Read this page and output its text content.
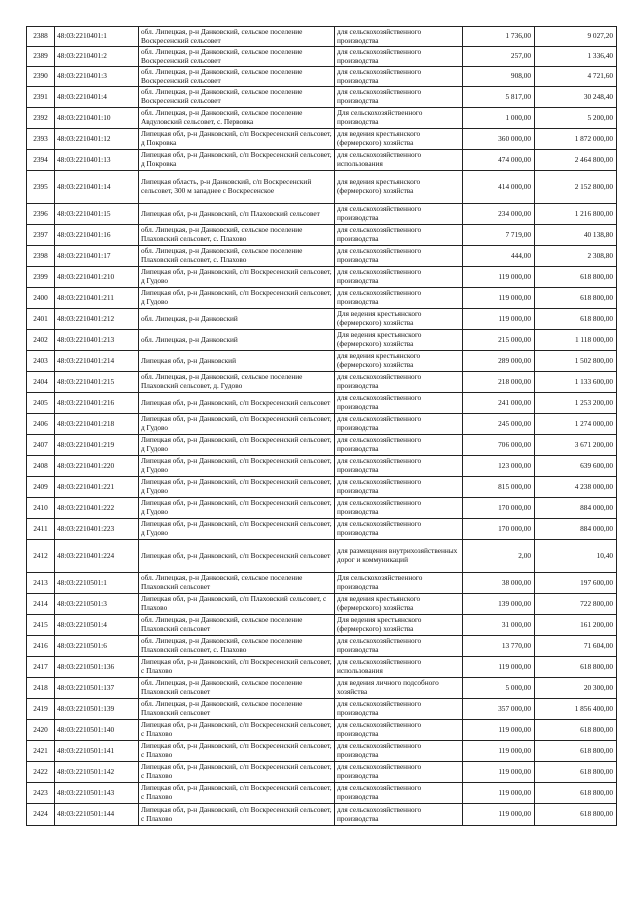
2388	48:03:2210401:1	обл. Липецкая, р-н Данковский, сельское поселение Воскресенский сельсовет	для сельскохозяйственного производства	1 736,00	9 027,20
2389	48:03:2210401:2	обл. Липецкая, р-н Данковский, сельское поселение Воскресенский сельсовет	для сельскохозяйственного производства	257,00	1 336,40
2390	48:03:2210401:3	обл. Липецкая, р-н Данковский, сельское поселение Воскресенский сельсовет	для сельскохозяйственного производства	908,00	4 721,60
2391	48:03:2210401:4	обл. Липецкая, р-н Данковский, сельское поселение Воскресенский сельсовет	для сельскохозяйственного производства	5 817,00	30 248,40
2392	48:03:2210401:10	обл. Липецкая, р-н Данковский, сельское поселение Авдуловский сельсовет, с. Первовка	Для сельскохозяйственного производства	1 000,00	5 200,00
2393	48:03:2210401:12	Липецкая обл, р-н Данковский, с/п Воскресенский сельсовет, д Покровка	для ведения крестьянского (фермерского) хозяйства	360 000,00	1 872 000,00
2394	48:03:2210401:13	Липецкая обл, р-н Данковский, с/п Воскресенский сельсовет, д Покровка	для сельскохозяйственного использования	474 000,00	2 464 800,00
2395	48:03:2210401:14	Липецкая область, р-н Данковский, с/п Воскресенский сельсовет, 300 м западнее с Воскресенское	для ведения крестьянского (фермерского) хозяйства	414 000,00	2 152 800,00
2396	48:03:2210401:15	Липецкая обл, р-н Данковский, с/п Плаховский сельсовет	для сельскохозяйственного производства	234 000,00	1 216 800,00
2397	48:03:2210401:16	обл. Липецкая, р-н Данковский, сельское поселение Плаховский сельсовет, с. Плахово	для сельскохозяйственного производства	7 719,00	40 138,80
2398	48:03:2210401:17	обл. Липецкая, р-н Данковский, сельское поселение Плаховский сельсовет, с. Плахово	для сельскохозяйственного производства	444,00	2 308,80
2399	48:03:2210401:210	Липецкая обл, р-н Данковский, с/п Воскресенский сельсовет, д Гудово	для сельскохозяйственного производства	119 000,00	618 800,00
2400	48:03:2210401:211	Липецкая обл, р-н Данковский, с/п Воскресенский сельсовет, д Гудово	для сельскохозяйственного производства	119 000,00	618 800,00
2401	48:03:2210401:212	обл. Липецкая, р-н Данковский	Для ведения крестьянского (фермерского) хозяйства	119 000,00	618 800,00
2402	48:03:2210401:213	обл. Липецкая, р-н Данковский	Для ведения крестьянского (фермерского) хозяйства	215 000,00	1 118 000,00
2403	48:03:2210401:214	Липецкая обл, р-н Данковский	для ведения крестьянского (фермерского) хозяйства	289 000,00	1 502 800,00
2404	48:03:2210401:215	обл. Липецкая, р-н Данковский, сельское поселение Плаховский сельсовет, д. Гудово	для сельскохозяйственного производства	218 000,00	1 133 600,00
2405	48:03:2210401:216	Липецкая обл, р-н Данковский, с/п Воскресенский сельсовет	для сельскохозяйственного производства	241 000,00	1 253 200,00
2406	48:03:2210401:218	Липецкая обл, р-н Данковский, с/п Воскресенский сельсовет, д Гудово	для сельскохозяйственного производства	245 000,00	1 274 000,00
2407	48:03:2210401:219	Липецкая обл, р-н Данковский, с/п Воскресенский сельсовет, д Гудово	для сельскохозяйственного производства	706 000,00	3 671 200,00
2408	48:03:2210401:220	Липецкая обл, р-н Данковский, с/п Воскресенский сельсовет, д Гудово	для сельскохозяйственного производства	123 000,00	639 600,00
2409	48:03:2210401:221	Липецкая обл, р-н Данковский, с/п Воскресенский сельсовет, д Гудово	для сельскохозяйственного производства	815 000,00	4 238 000,00
2410	48:03:2210401:222	Липецкая обл, р-н Данковский, с/п Воскресенский сельсовет, д Гудово	для сельскохозяйственного производства	170 000,00	884 000,00
2411	48:03:2210401:223	Липецкая обл, р-н Данковский, с/п Воскресенский сельсовет, д Гудово	для сельскохозяйственного производства	170 000,00	884 000,00
2412	48:03:2210401:224	Липецкая обл, р-н Данковский, с/п Воскресенский сельсовет	для размещения внутрихозяйственных дорог и коммуникаций	2,00	10,40
2413	48:03:2210501:1	обл. Липецкая, р-н Данковский, сельское поселение Плаховский сельсовет	Для сельскохозяйственного производства	38 000,00	197 600,00
2414	48:03:2210501:3	Липецкая обл, р-н Данковский, с/п Плаховский сельсовет, с Плахово	для ведения крестьянского (фермерского) хозяйства	139 000,00	722 800,00
2415	48:03:2210501:4	обл. Липецкая, р-н Данковский, сельское поселение Плаховский сельсовет	Для ведения крестьянского (фермерского) хозяйства	31 000,00	161 200,00
2416	48:03:2210501:6	обл. Липецкая, р-н Данковский, сельское поселение Плаховский сельсовет, с. Плахово	для сельскохозяйственного производства	13 770,00	71 604,00
2417	48:03:2210501:136	Липецкая обл, р-н Данковский, с/п Воскресенский сельсовет, с Плахово	для сельскохозяйственного использования	119 000,00	618 800,00
2418	48:03:2210501:137	обл. Липецкая, р-н Данковский, сельское поселение Плаховский сельсовет	для ведения личного подсобного хозяйства	5 000,00	20 300,00
2419	48:03:2210501:139	обл. Липецкая, р-н Данковский, сельское поселение Плаховский сельсовет	для сельскохозяйственного производства	357 000,00	1 856 400,00
2420	48:03:2210501:140	Липецкая обл, р-н Данковский, с/п Воскресенский сельсовет, с Плахово	для сельскохозяйственного производства	119 000,00	618 800,00
2421	48:03:2210501:141	Липецкая обл, р-н Данковский, с/п Воскресенский сельсовет, с Плахово	для сельскохозяйственного производства	119 000,00	618 800,00
2422	48:03:2210501:142	Липецкая обл, р-н Данковский, с/п Воскресенский сельсовет, с Плахово	для сельскохозяйственного производства	119 000,00	618 800,00
2423	48:03:2210501:143	Липецкая обл, р-н Данковский, с/п Воскресенский сельсовет, с Плахово	для сельскохозяйственного производства	119 000,00	618 800,00
2424	48:03:2210501:144	Липецкая обл, р-н Данковский, с/п Воскресенский сельсовет, с Плахово	для сельскохозяйственного производства	119 000,00	618 800,00
